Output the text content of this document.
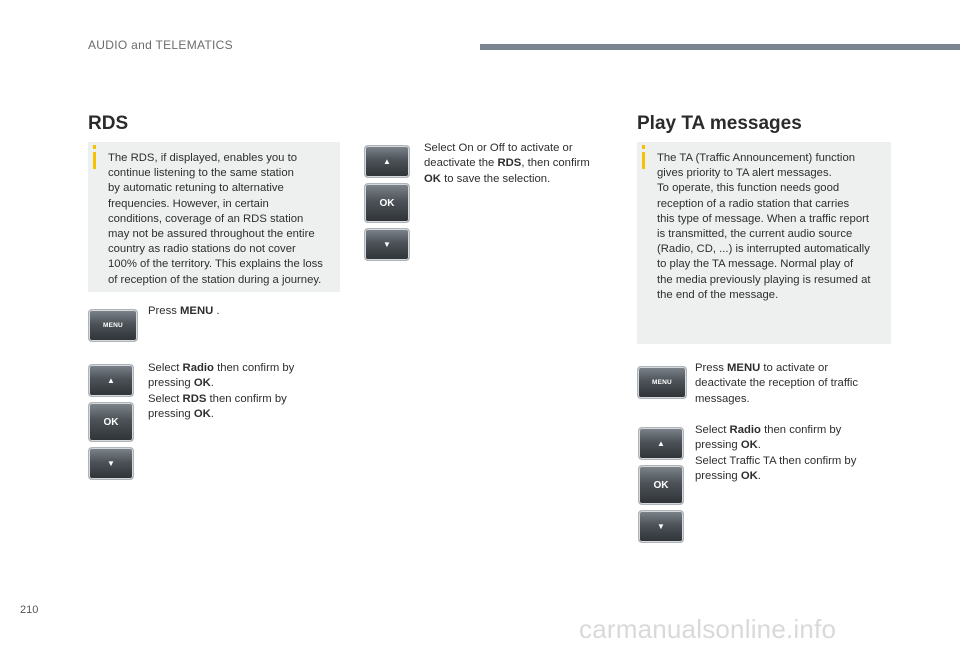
AUDIO and TELEMATICS
RDS
The RDS, if displayed, enables you to
continue listening to the same station
by automatic retuning to alternative
frequencies. However, in certain
conditions, coverage of an RDS station
may not be assured throughout the entire
country as radio stations do not cover
100% of the territory. This explains the loss
of reception of the station during a journey.
MENU
Press MENU .
▲
OK
▼
Select Radio then confirm by
pressing OK.
Select RDS then confirm by
pressing OK.
▲
OK
▼
Select On or Off to activate or
deactivate the RDS, then confirm
OK to save the selection.
Play TA messages
The TA (Traffic Announcement) function
gives priority to TA alert messages.
To operate, this function needs good
reception of a radio station that carries
this type of message. When a traffic report
is transmitted, the current audio source
(Radio, CD, ...) is interrupted automatically
to play the TA message. Normal play of
the media previously playing is resumed at
the end of the message.
MENU
Press MENU to activate or
deactivate the reception of traffic
messages.
▲
OK
▼
Select Radio then confirm by
pressing OK.
Select Traffic TA then confirm by
pressing OK.
210
carmanualsonline.info
